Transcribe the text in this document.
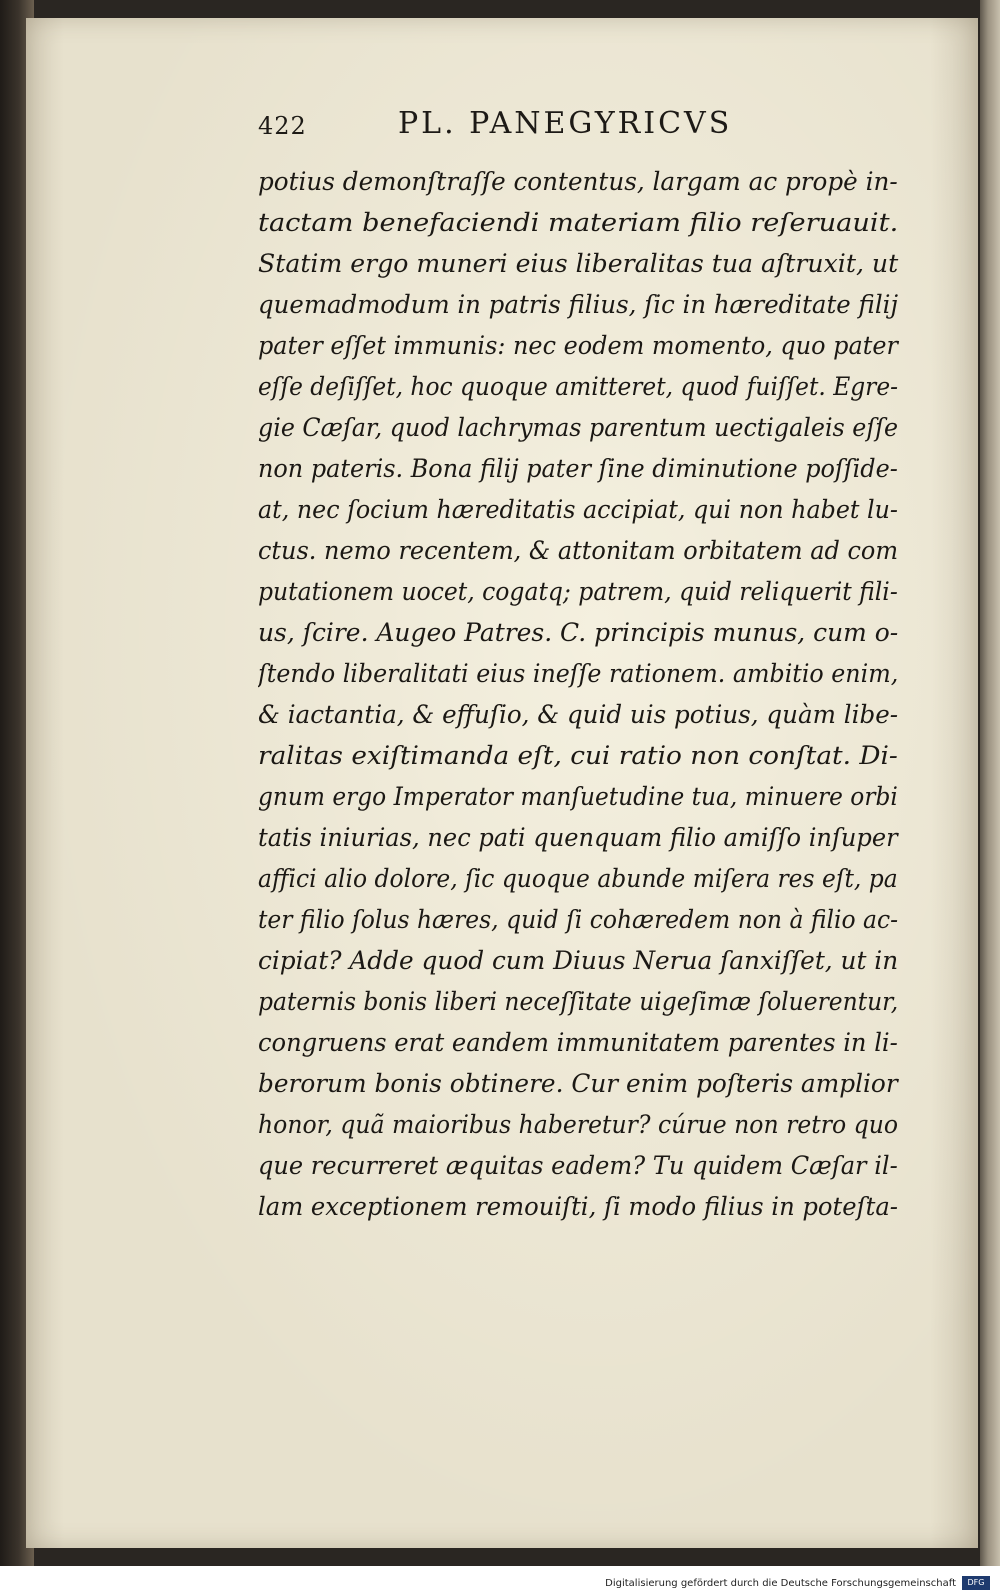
422	PL. PANEGYRICVS
potius demonſtraſſe contentus, largam ac propè in-
tactam benefaciendi materiam filio reſeruauit.
Statim ergo muneri eius liberalitas tua aſtruxit, ut
quemadmodum in patris filius, ſic in hæreditate filij
pater eſſet immunis: nec eodem momento, quo pater
eſſe deſiſſet, hoc quoque amitteret, quod fuiſſet. Egre-
gie Cæſar, quod lachrymas parentum uectigaleis eſſe
non pateris. Bona filij pater ſine diminutione poſſide-
at, nec ſocium hæreditatis accipiat, qui non habet lu-
ctus. nemo recentem, & attonitam orbitatem ad com
putationem uocet, cogatq; patrem, quid reliquerit fili-
us, ſcire. Augeo Patres. C. principis munus, cum o-
ſtendo liberalitati eius ineſſe rationem. ambitio enim,
& iactantia, & effuſio, & quid uis potius, quàm libe-
ralitas exiſtimanda eſt, cui ratio non conſtat. Di-
gnum ergo Imperator manſuetudine tua, minuere orbi
tatis iniurias, nec pati quenquam filio amiſſo inſuper
affici alio dolore, ſic quoque abunde miſera res eſt, pa
ter filio ſolus hæres, quid ſi cohæredem non à filio ac-
cipiat? Adde quod cum Diuus Nerua ſanxiſſet, ut in
paternis bonis liberi neceſſitate uigeſimæ ſoluerentur,
congruens erat eandem immunitatem parentes in li-
berorum bonis obtinere. Cur enim poſteris amplior
honor, quã maioribus haberetur? cúrue non retro quo
que recurreret æquitas eadem? Tu quidem Cæſar il-
lam exceptionem remouiſti, ſi modo filius in poteſta-
Digitalisierung gefördert durch die Deutsche Forschungsgemeinschaft	DFG
